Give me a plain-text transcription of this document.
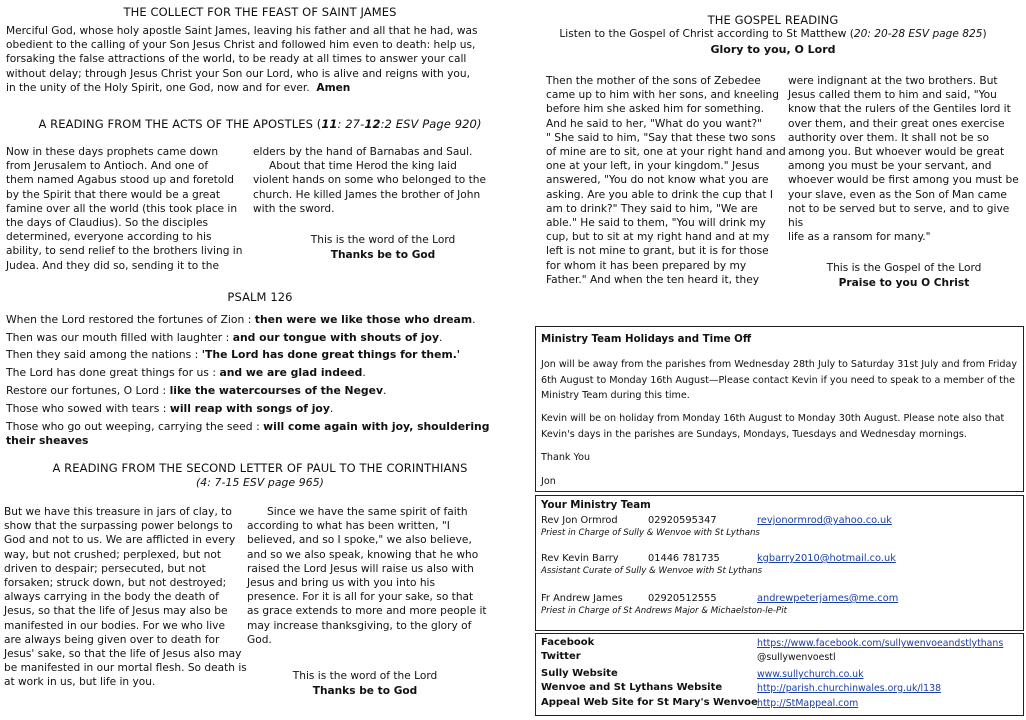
THE COLLECT FOR THE FEAST OF SAINT JAMES
Merciful God, whose holy apostle Saint James, leaving his father and all that he had, was
obedient to the calling of your Son Jesus Christ and followed him even to death: help us,
forsaking the false attractions of the world, to be ready at all times to answer your call
without delay; through Jesus Christ your Son our Lord, who is alive and reigns with you,
in the unity of the Holy Spirit, one God, now and for ever. Amen
A READING FROM THE ACTS OF THE APOSTLES (11: 27-12:2 ESV Page 920)
Now in these days prophets came down
from Jerusalem to Antioch. And one of
them named Agabus stood up and foretold
by the Spirit that there would be a great
famine over all the world (this took place in
the days of Claudius). So the disciples
determined, everyone according to his
ability, to send relief to the brothers living in
Judea. And they did so, sending it to the
elders by the hand of Barnabas and Saul.
About that time Herod the king laid
violent hands on some who belonged to the
church. He killed James the brother of John
with the sword.
This is the word of the Lord
Thanks be to God
PSALM 126
When the Lord restored the fortunes of Zion : then were we like those who dream.
Then was our mouth filled with laughter : and our tongue with shouts of joy.
Then they said among the nations : 'The Lord has done great things for them.'
The Lord has done great things for us : and we are glad indeed.
Restore our fortunes, O Lord : like the watercourses of the Negev.
Those who sowed with tears : will reap with songs of joy.
Those who go out weeping, carrying the seed : will come again with joy, shouldering
their sheaves
A READING FROM THE SECOND LETTER OF PAUL TO THE CORINTHIANS
(4: 7-15 ESV page 965)
But we have this treasure in jars of clay, to
show that the surpassing power belongs to
God and not to us. We are afflicted in every
way, but not crushed; perplexed, but not
driven to despair; persecuted, but not
forsaken; struck down, but not destroyed;
always carrying in the body the death of
Jesus, so that the life of Jesus may also be
manifested in our bodies. For we who live
are always being given over to death for
Jesus' sake, so that the life of Jesus also may
be manifested in our mortal flesh. So death is
at work in us, but life in you.
Since we have the same spirit of faith
according to what has been written, "I
believed, and so I spoke," we also believe,
and so we also speak, knowing that he who
raised the Lord Jesus will raise us also with
Jesus and bring us with you into his
presence. For it is all for your sake, so that
as grace extends to more and more people it
may increase thanksgiving, to the glory of
God.
This is the word of the Lord
Thanks be to God
THE GOSPEL READING
Listen to the Gospel of Christ according to St Matthew (20: 20-28 ESV page 825)
Glory to you, O Lord
Then the mother of the sons of Zebedee
came up to him with her sons, and kneeling
before him she asked him for something.
And he said to her, "What do you want?"
" She said to him, "Say that these two sons
of mine are to sit, one at your right hand and
one at your left, in your kingdom." Jesus
answered, "You do not know what you are
asking. Are you able to drink the cup that I
am to drink?" They said to him, "We are
able." He said to them, "You will drink my
cup, but to sit at my right hand and at my
left is not mine to grant, but it is for those
for whom it has been prepared by my
Father." And when the ten heard it, they
were indignant at the two brothers. But
Jesus called them to him and said, "You
know that the rulers of the Gentiles lord it
over them, and their great ones exercise
authority over them. It shall not be so
among you. But whoever would be great
among you must be your servant, and
whoever would be first among you must be
your slave, even as the Son of Man came
not to be served but to serve, and to give his
life as a ransom for many."
This is the Gospel of the Lord
Praise to you O Christ
Ministry Team Holidays and Time Off
Jon will be away from the parishes from Wednesday 28th July to Saturday 31st July and from Friday
6th August to Monday 16th August—Please contact Kevin if you need to speak to a member of the
Ministry Team during this time.
Kevin will be on holiday from Monday 16th August to Monday 30th August. Please note also that
Kevin's days in the parishes are Sundays, Mondays, Tuesdays and Wednesday mornings.
Thank You
Jon
Your Ministry Team
Rev Jon Ormrod	02920595347	revjonormrod@yahoo.co.uk
Priest in Charge of Sully & Wenvoe with St Lythans
Rev Kevin Barry	01446 781735	kgbarry2010@hotmail.co.uk
Assistant Curate of Sully & Wenvoe with St Lythans
Fr Andrew James	02920512555	andrewpeterjames@me.com
Priest in Charge of St Andrews Major & Michaelston-le-Pit
Facebook	https://www.facebook.com/sullywenvoeandstlythans
Twitter	@sullywenvoestl
Sully Website	www.sullychurch.co.uk
Wenvoe and St Lythans Website	http://parish.churchinwales.org.uk/l138
Appeal Web Site for St Mary's Wenvoe http://StMappeal.com
